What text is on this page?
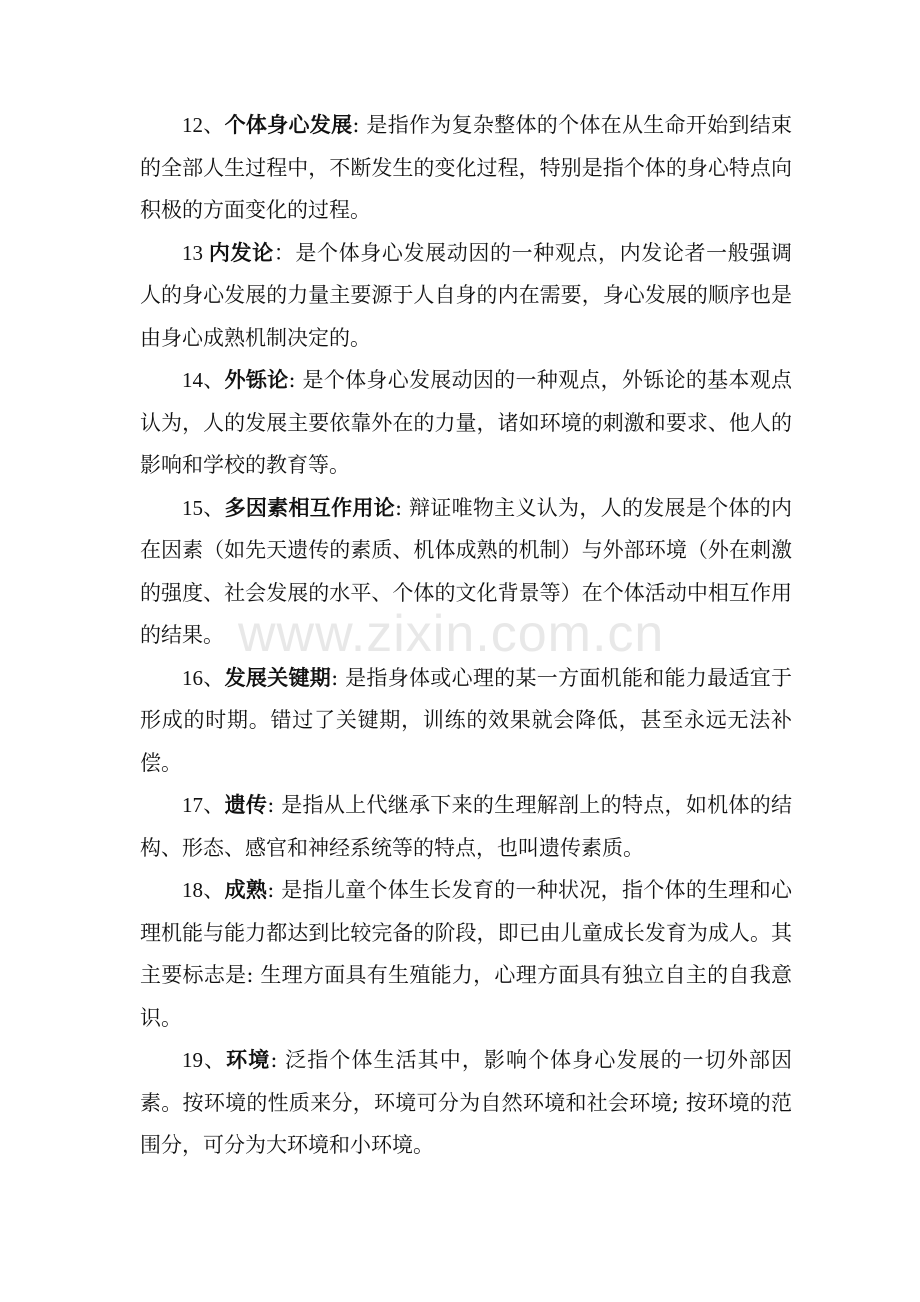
12、个体身心发展: 是指作为复杂整体的个体在从生命开始到结束的全部人生过程中，不断发生的变化过程，特别是指个体的身心特点向积极的方面变化的过程。

13 内发论：是个体身心发展动因的一种观点，内发论者一般强调人的身心发展的力量主要源于人自身的内在需要，身心发展的顺序也是由身心成熟机制决定的。

14、外铄论: 是个体身心发展动因的一种观点，外铄论的基本观点认为，人的发展主要依靠外在的力量，诸如环境的刺激和要求、他人的影响和学校的教育等。

15、多因素相互作用论: 辩证唯物主义认为，人的发展是个体的内在因素（如先天遗传的素质、机体成熟的机制）与外部环境（外在刺激的强度、社会发展的水平、个体的文化背景等）在个体活动中相互作用的结果。

16、发展关键期: 是指身体或心理的某一方面机能和能力最适宜于形成的时期。错过了关键期，训练的效果就会降低，甚至永远无法补偿。

17、遗传: 是指从上代继承下来的生理解剖上的特点，如机体的结构、形态、感官和神经系统等的特点，也叫遗传素质。

18、成熟: 是指儿童个体生长发育的一种状况，指个体的生理和心理机能与能力都达到比较完备的阶段，即已由儿童成长发育为成人。其主要标志是: 生理方面具有生殖能力，心理方面具有独立自主的自我意识。

19、环境: 泛指个体生活其中，影响个体身心发展的一切外部因素。按环境的性质来分，环境可分为自然环境和社会环境; 按环境的范围分，可分为大环境和小环境。

www.zixin.com.cn
